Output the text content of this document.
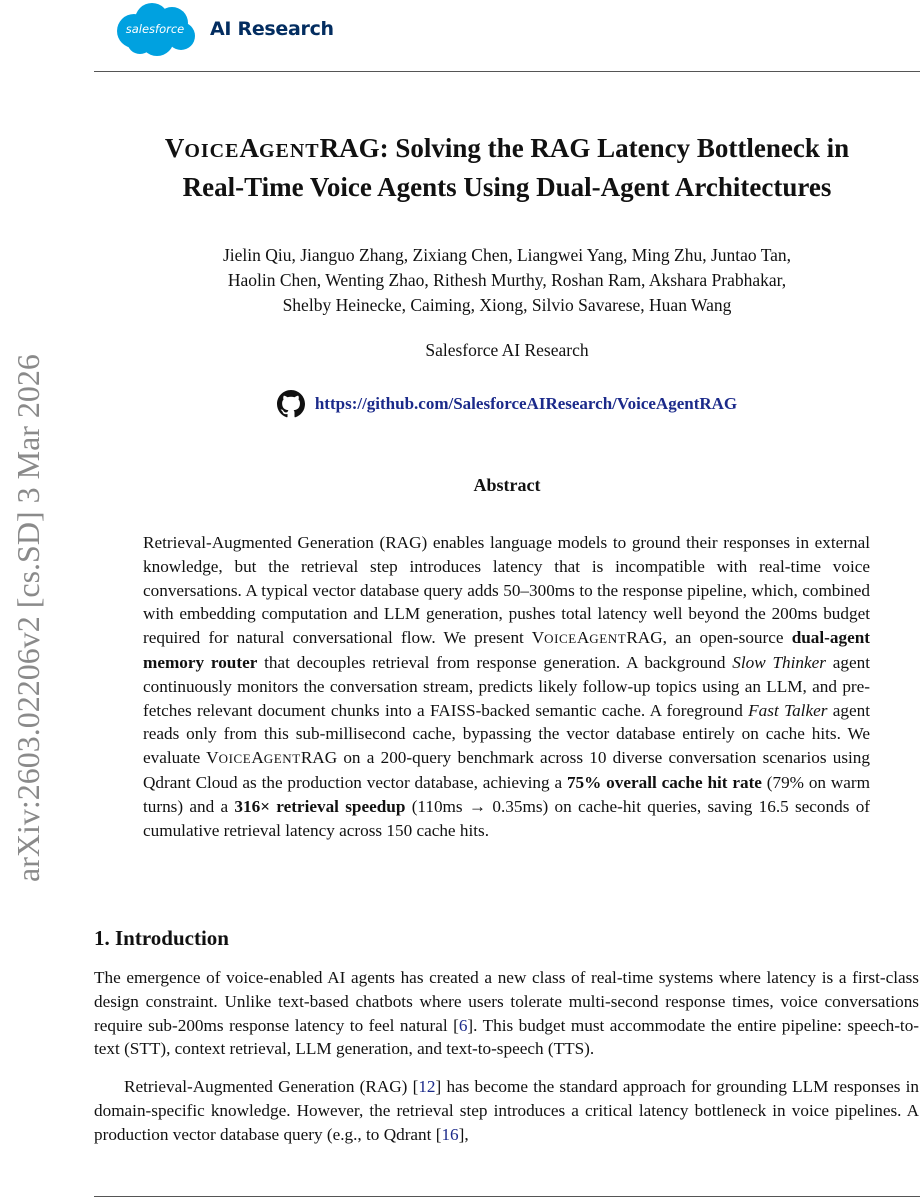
salesforce AI Research
arXiv:2603.02206v2 [cs.SD] 3 Mar 2026
VOICEAGENTRAG: Solving the RAG Latency Bottleneck in
Real-Time Voice Agents Using Dual-Agent Architectures
Jielin Qiu, Jianguo Zhang, Zixiang Chen, Liangwei Yang, Ming Zhu, Juntao Tan,
Haolin Chen, Wenting Zhao, Rithesh Murthy, Roshan Ram, Akshara Prabhakar,
Shelby Heinecke, Caiming, Xiong, Silvio Savarese, Huan Wang
Salesforce AI Research
https://github.com/SalesforceAIResearch/VoiceAgentRAG
Abstract

Retrieval-Augmented Generation (RAG) enables language models to ground their responses in external knowledge, but the retrieval step introduces latency that is incompatible with real-time voice conversations. A typical vector database query adds 50–300ms to the response pipeline, which, combined with embedding computation and LLM generation, pushes total latency well beyond the 200ms budget required for natural conversational flow. We present VOICEAGENTRAG, an open-source dual-agent memory router that decouples retrieval from response generation. A background Slow Thinker agent continuously monitors the conversation stream, predicts likely follow-up topics using an LLM, and pre-fetches relevant document chunks into a FAISS-backed semantic cache. A foreground Fast Talker agent reads only from this sub-millisecond cache, bypassing the vector database entirely on cache hits. We evaluate VOICEAGENTRAG on a 200-query benchmark across 10 diverse conversation scenarios using Qdrant Cloud as the production vector database, achieving a 75% overall cache hit rate (79% on warm turns) and a 316× retrieval speedup (110ms → 0.35ms) on cache-hit queries, saving 16.5 seconds of cumulative retrieval latency across 150 cache hits.

1. Introduction

The emergence of voice-enabled AI agents has created a new class of real-time systems where latency is a first-class design constraint. Unlike text-based chatbots where users tolerate multi-second response times, voice conversations require sub-200ms response latency to feel natural [6]. This budget must accommodate the entire pipeline: speech-to-text (STT), context retrieval, LLM generation, and text-to-speech (TTS).

Retrieval-Augmented Generation (RAG) [12] has become the standard approach for grounding LLM responses in domain-specific knowledge. However, the retrieval step introduces a critical latency bottleneck in voice pipelines. A production vector database query (e.g., to Qdrant [16],
